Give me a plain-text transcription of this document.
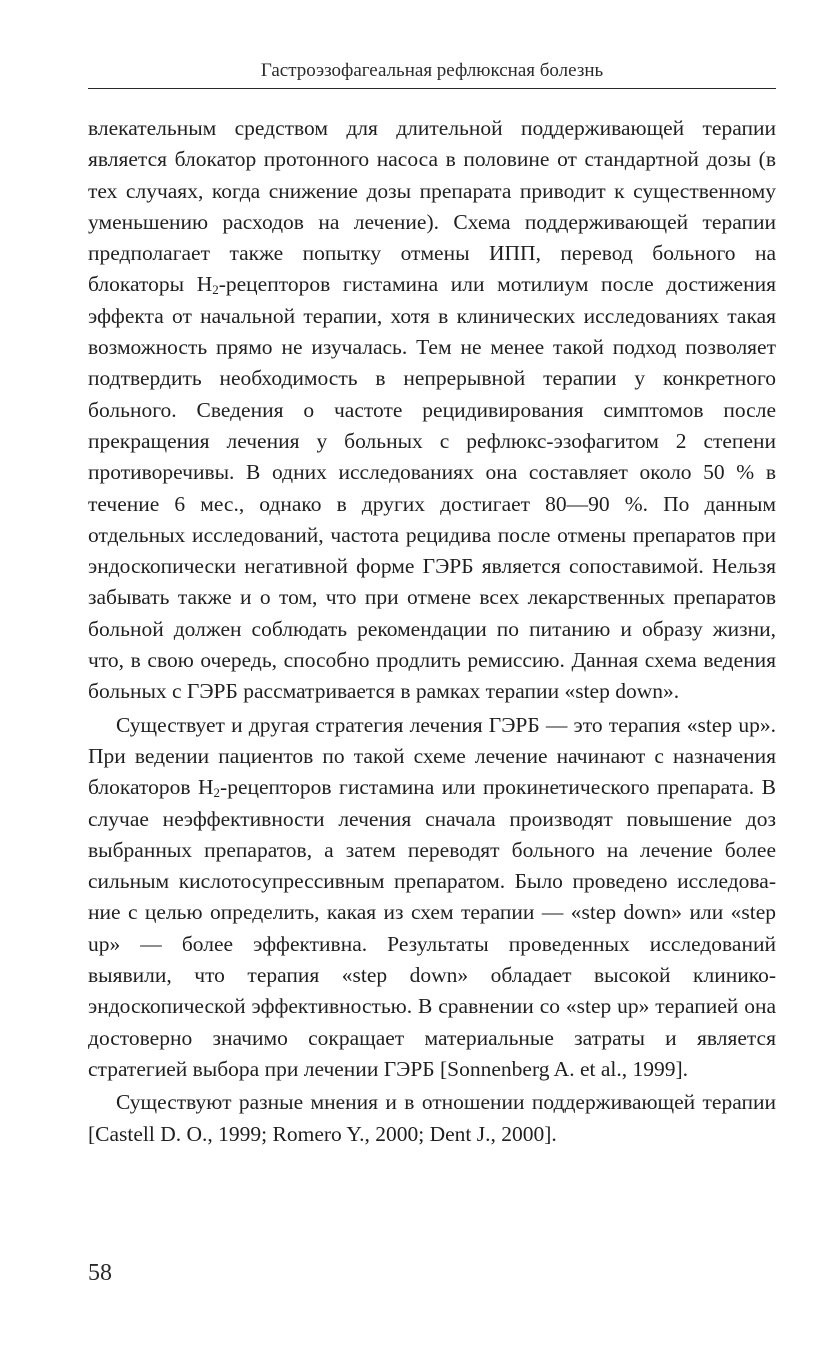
Гастроэзофагеальная рефлюксная болезнь

влекательным средством для длительной поддерживающей терапии является блокатор протонного насоса в половине от стандартной дозы (в тех случаях, когда снижение дозы препарата приводит к существенному уменьшению расходов на лечение). Схема поддерживающей терапии предполагает также попытку отмены ИПП, перевод больного на блокаторы $Н_2$-рецепторов гистамина или мотилиум после достижения эффекта от начальной терапии, хотя в клинических исследованиях такая возможность прямо не изучалась. Тем не менее такой подход позволяет подтвердить необходимость в непрерывной терапии у конкретного больного. Сведения о частоте рецидивирования симптомов после прекращения лечения у больных с рефлюкс-эзофагитом 2 степени противоречивы. В одних исследованиях она составляет около 50 % в течение 6 мес., однако в других достигает 80—90 %. По данным отдельных исследований, частота рецидива после отмены препаратов при эндоскопически негативной форме ГЭРБ является сопоставимой. Нельзя забывать также и о том, что при отмене всех лекарственных препаратов больной должен соблюдать рекомендации по питанию и образу жизни, что, в свою очередь, способно продлить ремиссию. Данная схема ведения больных с ГЭРБ рассматривается в рамках терапии «step down».

Существует и другая стратегия лечения ГЭРБ — это терапия «step up». При ведении пациентов по такой схеме лечение начинают с назначения блокаторов $Н_2$-рецепторов гистамина или прокинетического препарата. В случае неэффективности лечения сначала производят повышение доз выбранных препаратов, а затем переводят больного на лечение более сильным кислотосупрессивным препаратом. Было проведено исследование с целью определить, какая из схем терапии — «step down» или «step up» — более эффективна. Результаты проведенных исследований выявили, что терапия «step down» обладает высокой клинико-эндоскопической эффективностью. В сравнении со «step up» терапией она достоверно значимо сокращает материальные затраты и является стратегией выбора при лечении ГЭРБ [Sonnenberg A. et al., 1999].

Существуют разные мнения и в отношении поддерживающей терапии [Castell D. O., 1999; Romero Y., 2000; Dent J., 2000].

58
